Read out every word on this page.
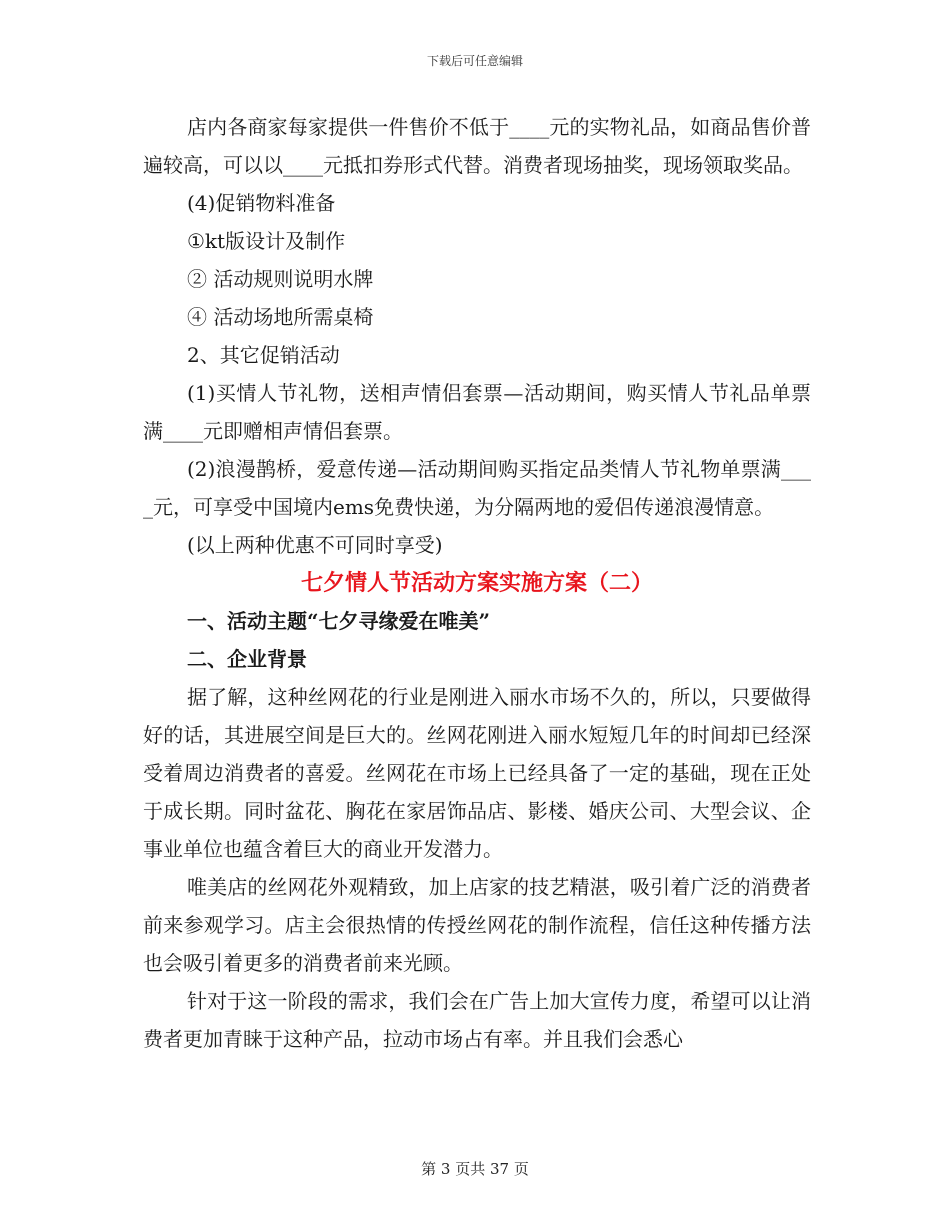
下载后可任意编辑

店内各商家每家提供一件售价不低于____元的实物礼品，如商品售价普遍较高，可以以____元抵扣券形式代替。消费者现场抽奖，现场领取奖品。

(4)促销物料准备

①kt版设计及制作

② 活动规则说明水牌

④ 活动场地所需桌椅

2、其它促销活动

(1)买情人节礼物，送相声情侣套票—活动期间，购买情人节礼品单票满____元即赠相声情侣套票。

(2)浪漫鹊桥，爱意传递—活动期间购买指定品类情人节礼物单票满____元，可享受中国境内ems免费快递，为分隔两地的爱侣传递浪漫情意。

(以上两种优惠不可同时享受)

七夕情人节活动方案实施方案（二）

一、活动主题“七夕寻缘爱在唯美”

二、企业背景

据了解，这种丝网花的行业是刚进入丽水市场不久的，所以，只要做得好的话，其进展空间是巨大的。丝网花刚进入丽水短短几年的时间却已经深受着周边消费者的喜爱。丝网花在市场上已经具备了一定的基础，现在正处于成长期。同时盆花、胸花在家居饰品店、影楼、婚庆公司、大型会议、企事业单位也蕴含着巨大的商业开发潜力。

唯美店的丝网花外观精致，加上店家的技艺精湛，吸引着广泛的消费者前来参观学习。店主会很热情的传授丝网花的制作流程，信任这种传播方法也会吸引着更多的消费者前来光顾。

针对于这一阶段的需求，我们会在广告上加大宣传力度，希望可以让消费者更加青睐于这种产品，拉动市场占有率。并且我们会悉心

第 3 页共 37 页
